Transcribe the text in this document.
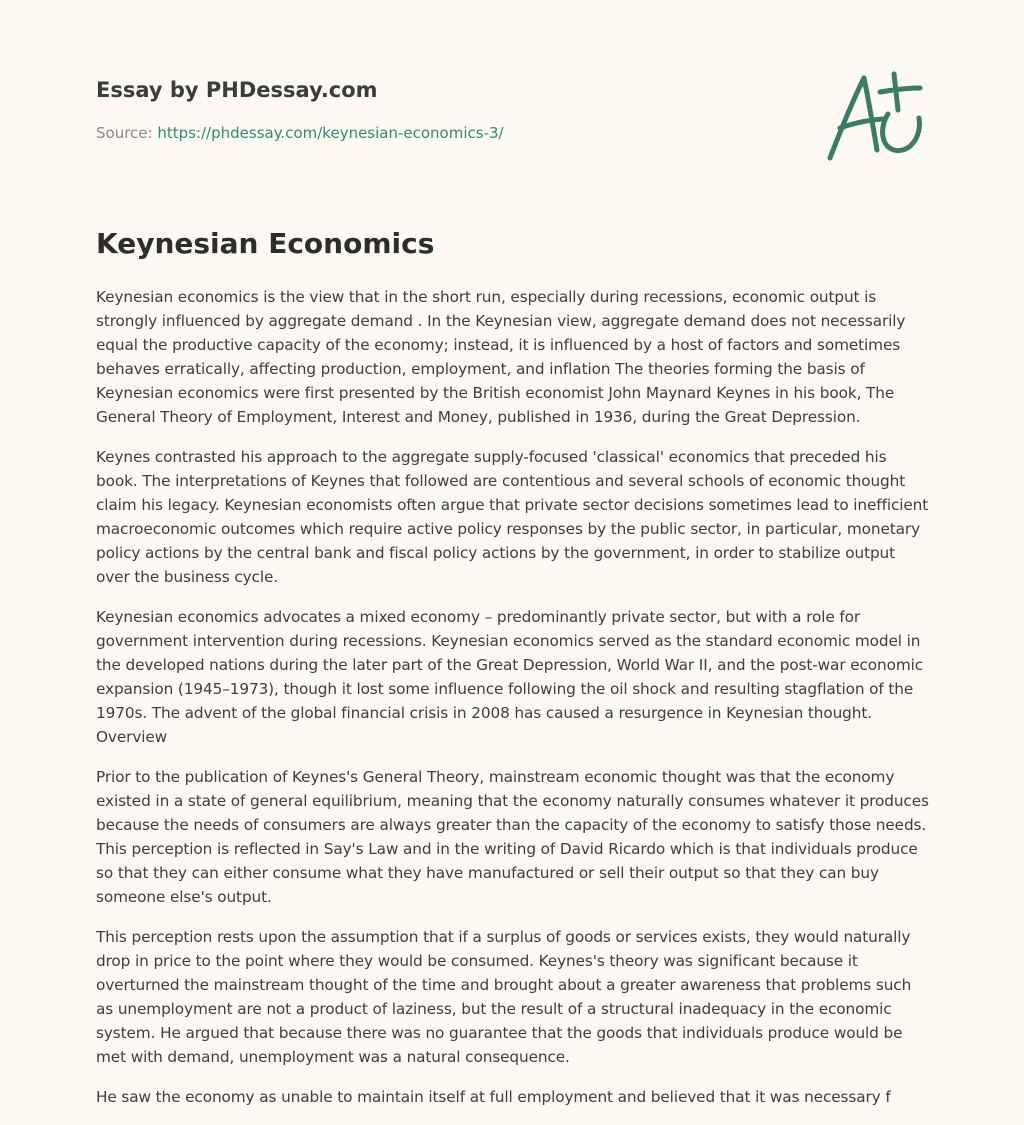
Essay by PHDessay.com
Source: https://phdessay.com/keynesian-economics-3/
Keynesian Economics

Keynesian economics is the view that in the short run, especially during recessions, economic output is strongly influenced by aggregate demand . In the Keynesian view, aggregate demand does not necessarily equal the productive capacity of the economy; instead, it is influenced by a host of factors and sometimes behaves erratically, affecting production, employment, and inflation The theories forming the basis of Keynesian economics were first presented by the British economist John Maynard Keynes in his book, The General Theory of Employment, Interest and Money, published in 1936, during the Great Depression.

Keynes contrasted his approach to the aggregate supply-focused 'classical' economics that preceded his book. The interpretations of Keynes that followed are contentious and several schools of economic thought claim his legacy. Keynesian economists often argue that private sector decisions sometimes lead to inefficient macroeconomic outcomes which require active policy responses by the public sector, in particular, monetary policy actions by the central bank and fiscal policy actions by the government, in order to stabilize output over the business cycle.

Keynesian economics advocates a mixed economy – predominantly private sector, but with a role for government intervention during recessions. Keynesian economics served as the standard economic model in the developed nations during the later part of the Great Depression, World War II, and the post-war economic expansion (1945–1973), though it lost some influence following the oil shock and resulting stagflation of the 1970s. The advent of the global financial crisis in 2008 has caused a resurgence in Keynesian thought. Overview

Prior to the publication of Keynes's General Theory, mainstream economic thought was that the economy existed in a state of general equilibrium, meaning that the economy naturally consumes whatever it produces because the needs of consumers are always greater than the capacity of the economy to satisfy those needs. This perception is reflected in Say's Law and in the writing of David Ricardo which is that individuals produce so that they can either consume what they have manufactured or sell their output so that they can buy someone else's output.

This perception rests upon the assumption that if a surplus of goods or services exists, they would naturally drop in price to the point where they would be consumed. Keynes's theory was significant because it overturned the mainstream thought of the time and brought about a greater awareness that problems such as unemployment are not a product of laziness, but the result of a structural inadequacy in the economic system. He argued that because there was no guarantee that the goods that individuals produce would be met with demand, unemployment was a natural consequence.

He saw the economy as unable to maintain itself at full employment and believed that it was necessary f
